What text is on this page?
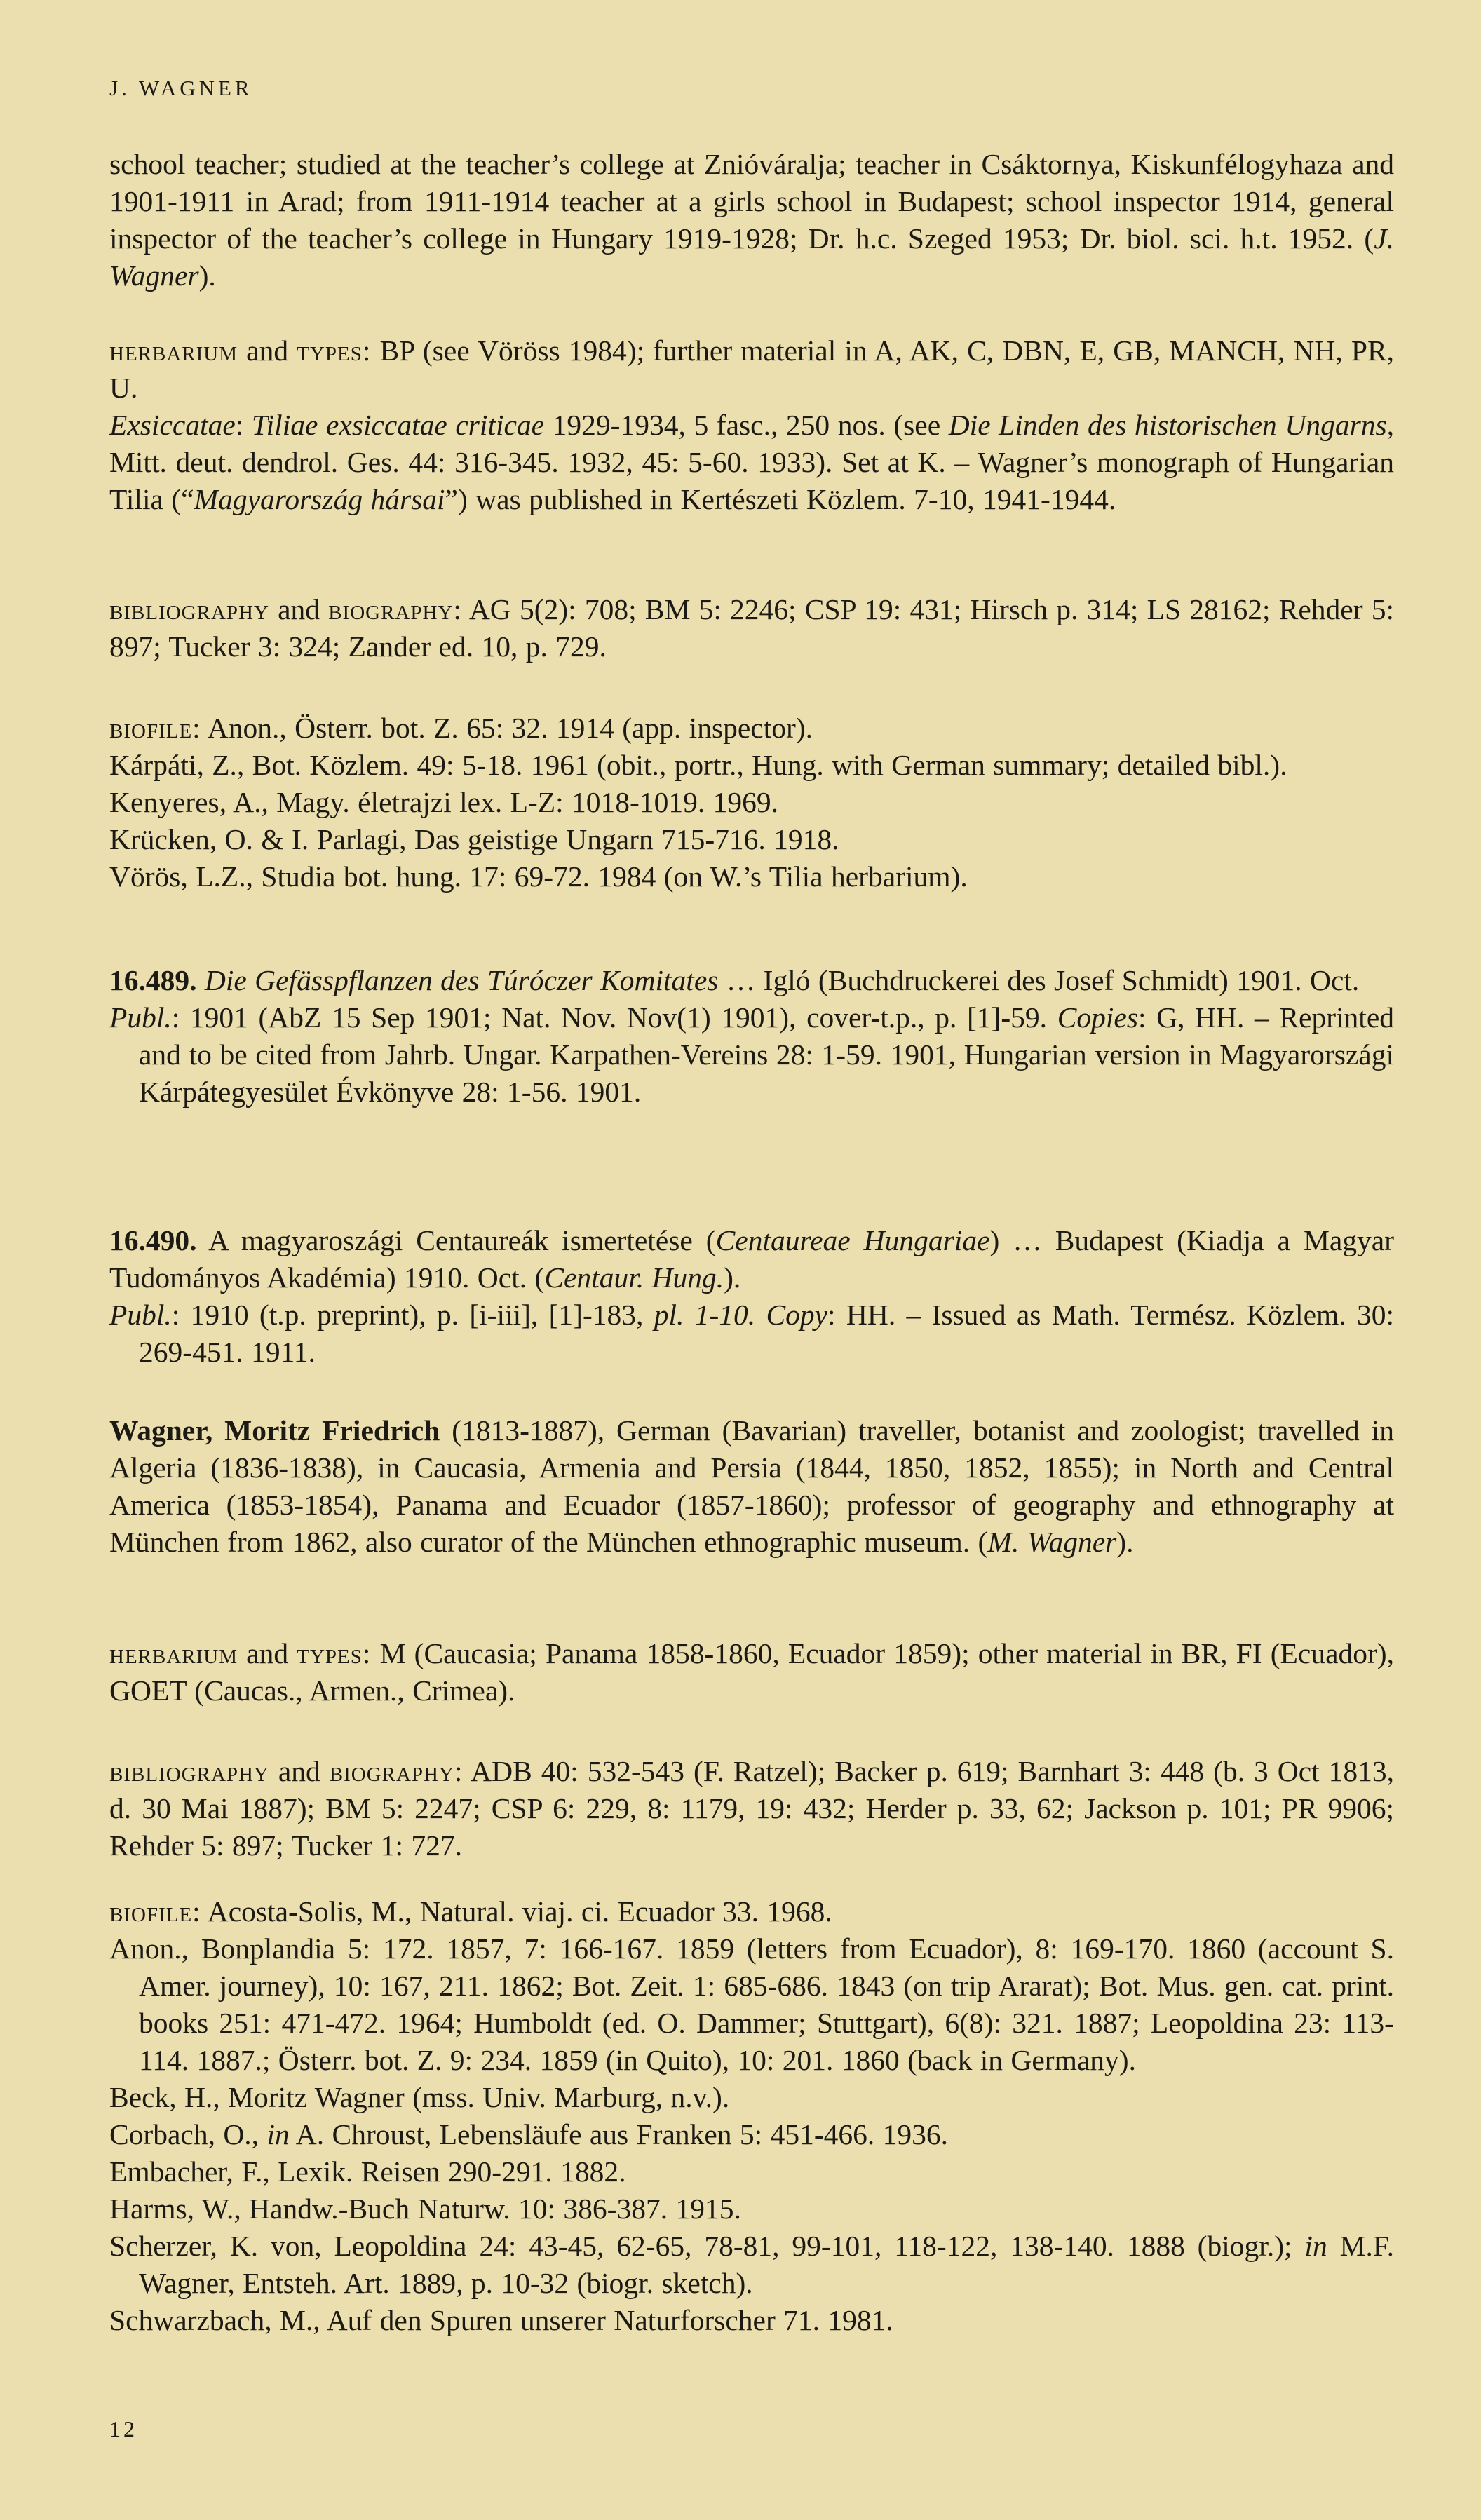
J. WAGNER

school teacher; studied at the teacher’s college at Znióváralja; teacher in Csáktornya, Kiskunfélogyhaza and 1901-1911 in Arad; from 1911-1914 teacher at a girls school in Budapest; school inspector 1914, general inspector of the teacher’s college in Hungary 1919-1928; Dr. h.c. Szeged 1953; Dr. biol. sci. h.t. 1952. (J. Wagner).

herbarium and types: BP (see Vöröss 1984); further material in A, AK, C, DBN, E, GB, MANCH, NH, PR, U.

Exsiccatae: Tiliae exsiccatae criticae 1929-1934, 5 fasc., 250 nos. (see Die Linden des historischen Ungarns, Mitt. deut. dendrol. Ges. 44: 316-345. 1932, 45: 5-60. 1933). Set at K. – Wagner’s monograph of Hungarian Tilia (“Magyarország hársai”) was published in Kertészeti Közlem. 7-10, 1941-1944.

bibliography and biography: AG 5(2): 708; BM 5: 2246; CSP 19: 431; Hirsch p. 314; LS 28162; Rehder 5: 897; Tucker 3: 324; Zander ed. 10, p. 729.

biofile: Anon., Österr. bot. Z. 65: 32. 1914 (app. inspector).

Kárpáti, Z., Bot. Közlem. 49: 5-18. 1961 (obit., portr., Hung. with German summary; detailed bibl.).

Kenyeres, A., Magy. életrajzi lex. L-Z: 1018-1019. 1969.

Krücken, O. & I. Parlagi, Das geistige Ungarn 715-716. 1918.

Vörös, L.Z., Studia bot. hung. 17: 69-72. 1984 (on W.’s Tilia herbarium).

16.489. Die Gefässpflanzen des Túróczer Komitates … Igló (Buchdruckerei des Josef Schmidt) 1901. Oct.

Publ.: 1901 (AbZ 15 Sep 1901; Nat. Nov. Nov(1) 1901), cover-t.p., p. [1]-59. Copies: G, HH. – Reprinted and to be cited from Jahrb. Ungar. Karpathen-Vereins 28: 1-59. 1901, Hungarian version in Magyarországi Kárpátegyesület Évkönyve 28: 1-56. 1901.

16.490. A magyaroszági Centaureák ismertetése (Centaureae Hungariae) … Budapest (Kiadja a Magyar Tudományos Akadémia) 1910. Oct. (Centaur. Hung.).

Publ.: 1910 (t.p. preprint), p. [i-iii], [1]-183, pl. 1-10. Copy: HH. – Issued as Math. Termész. Közlem. 30: 269-451. 1911.

Wagner, Moritz Friedrich (1813-1887), German (Bavarian) traveller, botanist and zoologist; travelled in Algeria (1836-1838), in Caucasia, Armenia and Persia (1844, 1850, 1852, 1855); in North and Central America (1853-1854), Panama and Ecuador (1857-1860); professor of geography and ethnography at München from 1862, also curator of the München ethnographic museum. (M. Wagner).

herbarium and types: M (Caucasia; Panama 1858-1860, Ecuador 1859); other material in BR, FI (Ecuador), GOET (Caucas., Armen., Crimea).

bibliography and biography: ADB 40: 532-543 (F. Ratzel); Backer p. 619; Barnhart 3: 448 (b. 3 Oct 1813, d. 30 Mai 1887); BM 5: 2247; CSP 6: 229, 8: 1179, 19: 432; Herder p. 33, 62; Jackson p. 101; PR 9906; Rehder 5: 897; Tucker 1: 727.

biofile: Acosta-Solis, M., Natural. viaj. ci. Ecuador 33. 1968.

Anon., Bonplandia 5: 172. 1857, 7: 166-167. 1859 (letters from Ecuador), 8: 169-170. 1860 (account S. Amer. journey), 10: 167, 211. 1862; Bot. Zeit. 1: 685-686. 1843 (on trip Ararat); Bot. Mus. gen. cat. print. books 251: 471-472. 1964; Humboldt (ed. O. Dammer; Stuttgart), 6(8): 321. 1887; Leopoldina 23: 113-114. 1887.; Österr. bot. Z. 9: 234. 1859 (in Quito), 10: 201. 1860 (back in Germany).

Beck, H., Moritz Wagner (mss. Univ. Marburg, n.v.).

Corbach, O., in A. Chroust, Lebensläufe aus Franken 5: 451-466. 1936.

Embacher, F., Lexik. Reisen 290-291. 1882.

Harms, W., Handw.-Buch Naturw. 10: 386-387. 1915.

Scherzer, K. von, Leopoldina 24: 43-45, 62-65, 78-81, 99-101, 118-122, 138-140. 1888 (biogr.); in M.F. Wagner, Entsteh. Art. 1889, p. 10-32 (biogr. sketch).

Schwarzbach, M., Auf den Spuren unserer Naturforscher 71. 1981.

12
